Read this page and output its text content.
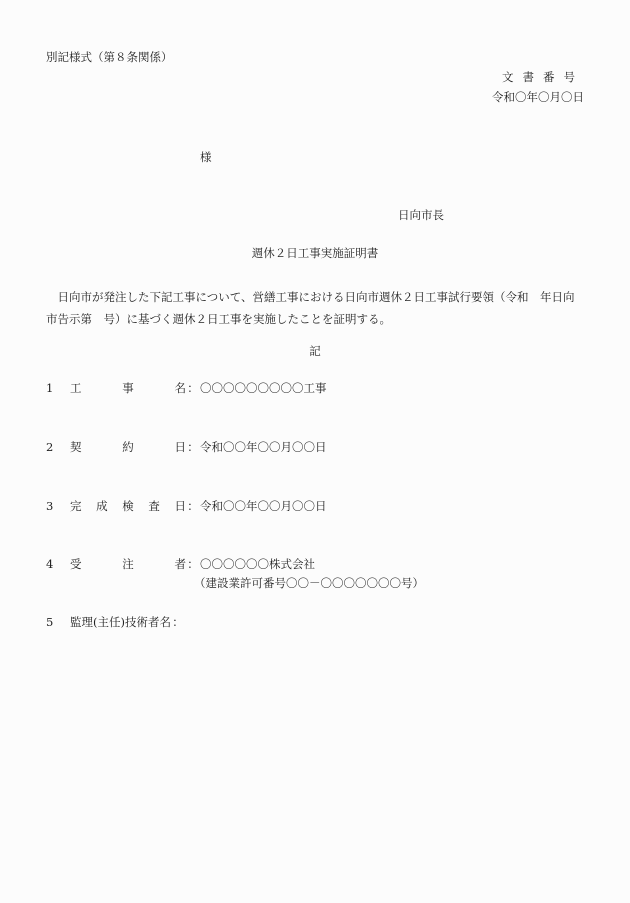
別記様式（第８条関係）
文書番号
令和〇年〇月〇日
様
日向市長
週休２日工事実施証明書
　日向市が発注した下記工事について、営繕工事における日向市週休２日工事試行要領（令和　年日向
市告示第　号）に基づく週休２日工事を実施したことを証明する。
記
1	工	事	名 ： 〇〇〇〇〇〇〇〇〇工事
2	契	約	日 ： 令和〇〇年〇〇月〇〇日
3	完 成 検 査 日 ： 令和〇〇年〇〇月〇〇日
4	受	注	者 ： 〇〇〇〇〇〇株式会社
（建設業許可番号〇〇－〇〇〇〇〇〇〇号）
5	監理(主任)技術者名 ：
